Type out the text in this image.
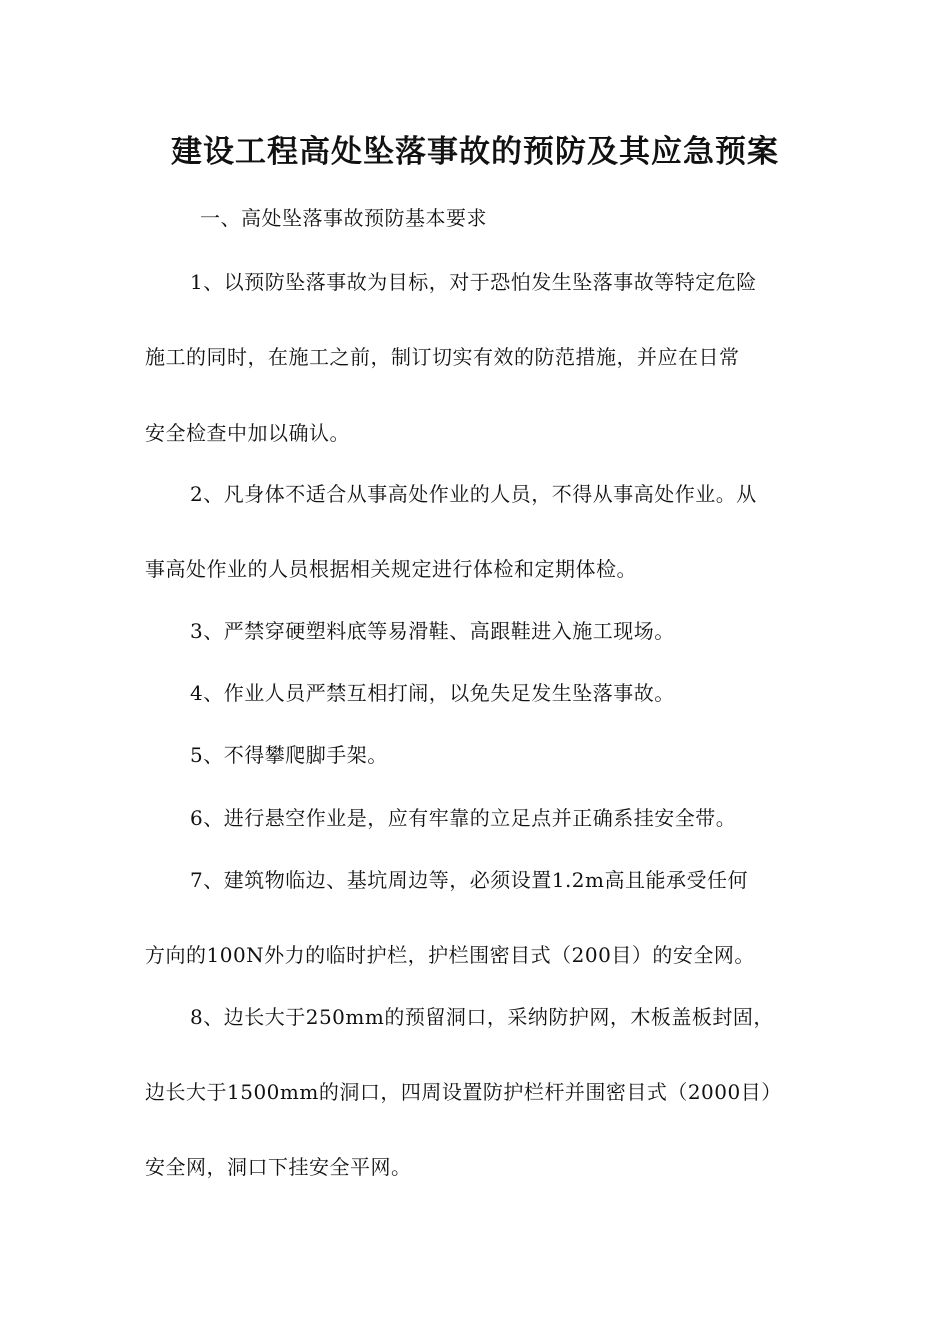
建设工程高处坠落事故的预防及其应急预案
一、高处坠落事故预防基本要求
1、以预防坠落事故为目标，对于恐怕发生坠落事故等特定危险
施工的同时，在施工之前，制订切实有效的防范措施，并应在日常
安全检查中加以确认。
2、凡身体不适合从事高处作业的人员，不得从事高处作业。从
事高处作业的人员根据相关规定进行体检和定期体检。
3、严禁穿硬塑料底等易滑鞋、高跟鞋进入施工现场。
4、作业人员严禁互相打闹，以免失足发生坠落事故。
5、不得攀爬脚手架。
6、进行悬空作业是，应有牢靠的立足点并正确系挂安全带。
7、建筑物临边、基坑周边等，必须设置1.2m高且能承受任何
方向的100N外力的临时护栏，护栏围密目式（200目）的安全网。
8、边长大于250mm的预留洞口，采纳防护网，木板盖板封固，
边长大于1500mm的洞口，四周设置防护栏杆并围密目式（2000目）
安全网，洞口下挂安全平网。
